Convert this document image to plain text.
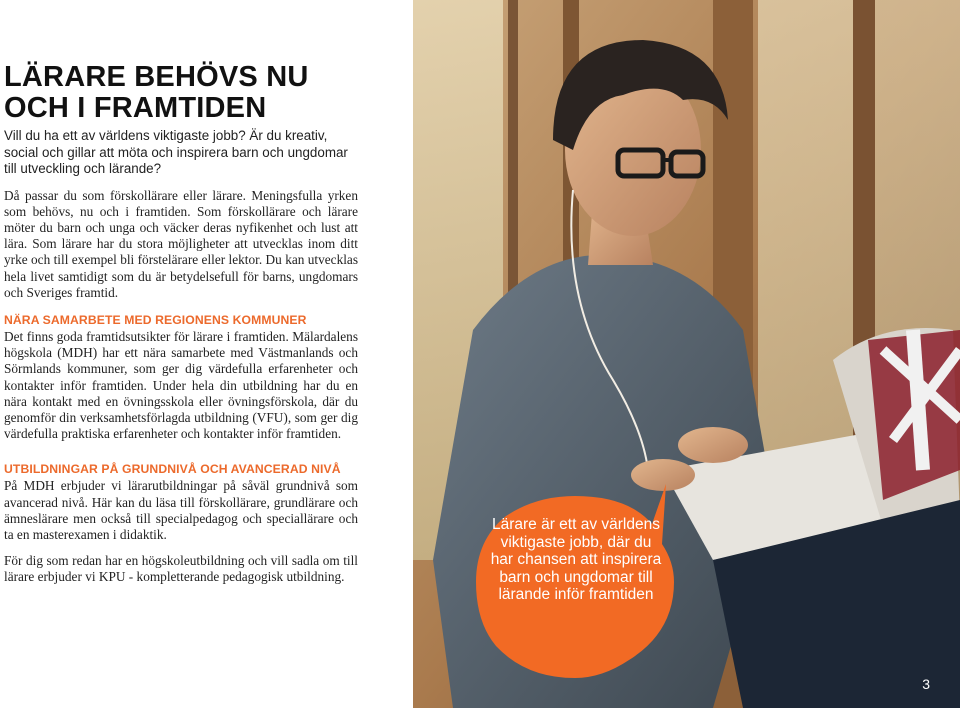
LÄRARE BEHÖVS NU
OCH I FRAMTIDEN

Vill du ha ett av världens viktigaste jobb? Är du kreativ, social och gillar att möta och inspirera barn och ungdomar till utveckling och lärande?

Då passar du som förskollärare eller lärare. Meningsfulla yrken som behövs, nu och i framtiden. Som förskollärare och lärare möter du barn och unga och väcker deras nyfikenhet och lust att lära. Som lärare har du stora möjligheter att utvecklas inom ditt yrke och till exempel bli förstelärare eller lektor. Du kan utvecklas hela livet samtidigt som du är betydelsefull för barns, ungdomars och Sveriges framtid.

NÄRA SAMARBETE MED REGIONENS KOMMUNER

Det finns goda framtidsutsikter för lärare i framtiden. Mälardalens högskola (MDH) har ett nära samarbete med Västmanlands och Sörmlands kommuner, som ger dig värdefulla erfarenheter och kontakter inför framtiden. Under hela din utbildning har du en nära kontakt med en övningsskola eller övningsförskola, där du genomför din verksamhetsförlagda utbildning (VFU), som ger dig värdefulla praktiska erfarenheter och kontakter inför framtiden.

UTBILDNINGAR PÅ GRUNDNIVÅ OCH AVANCERAD NIVÅ

På MDH erbjuder vi lärarutbildningar på såväl grundnivå som avancerad nivå. Här kan du läsa till förskollärare, grundlärare och ämneslärare men också till specialpedagog och speciallärare och ta en masterexamen i didaktik.

För dig som redan har en högskoleutbildning och vill sadla om till lärare erbjuder vi KPU - kompletterande pedagogisk utbildning.

Lärare är ett av världens viktigaste jobb, där du har chansen att inspirera barn och ungdomar till lärande inför framtiden
3
